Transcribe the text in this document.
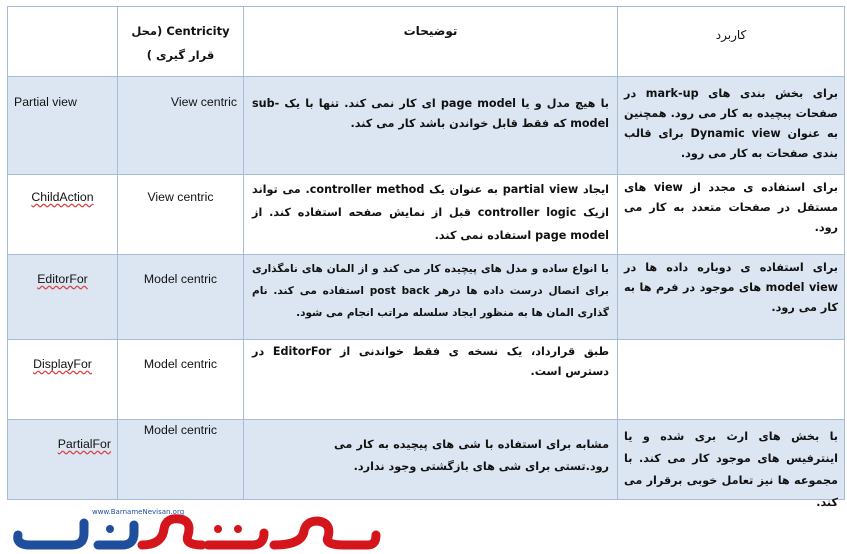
	Centricity (محل قرار گیری )	توضیحات	کاربرد

Partial view	View centric	با هیچ مدل و یا page model ای کار نمی کند. تنها با یک sub-model که فقط قابل خواندن باشد کار می کند.	برای بخش بندی های mark-up در صفحات پیچیده به کار می رود. همچنین به عنوان Dynamic view برای قالب بندی صفحات به کار می رود.

ChildAction	View centric	ایجاد partial view به عنوان یک controller method. می تواند ازیک controller logic قبل از نمایش صفحه استفاده کند. از page model استفاده نمی کند.	برای استفاده ی مجدد از view های مستقل در صفحات متعدد به کار می رود.

EditorFor	Model centric	با انواع ساده و مدل های پیچیده کار می کند و از المان های نامگذاری برای اتصال درست داده ها درهر post back استفاده می کند. نام گذاری المان ها به منظور ایجاد سلسله مراتب انجام می شود.	برای استفاده ی دوباره داده ها در model view های موجود در فرم ها به کار می رود.

DisplayFor	Model centric	طبق قرارداد، یک نسخه ی فقط خواندنی از EditorFor در دسترس است.	

PartialFor	Model centric	مشابه برای استفاده با شی های پیچیده به کار می رود.تستی برای شی های بازگشتی وجود ندارد.	با بخش های ارث بری شده و یا اینترفیس های موجود کار می کند. با مجموعه ها نیز تعامل خوبی برقرار می کند.
www.BarnameNevisan.org
